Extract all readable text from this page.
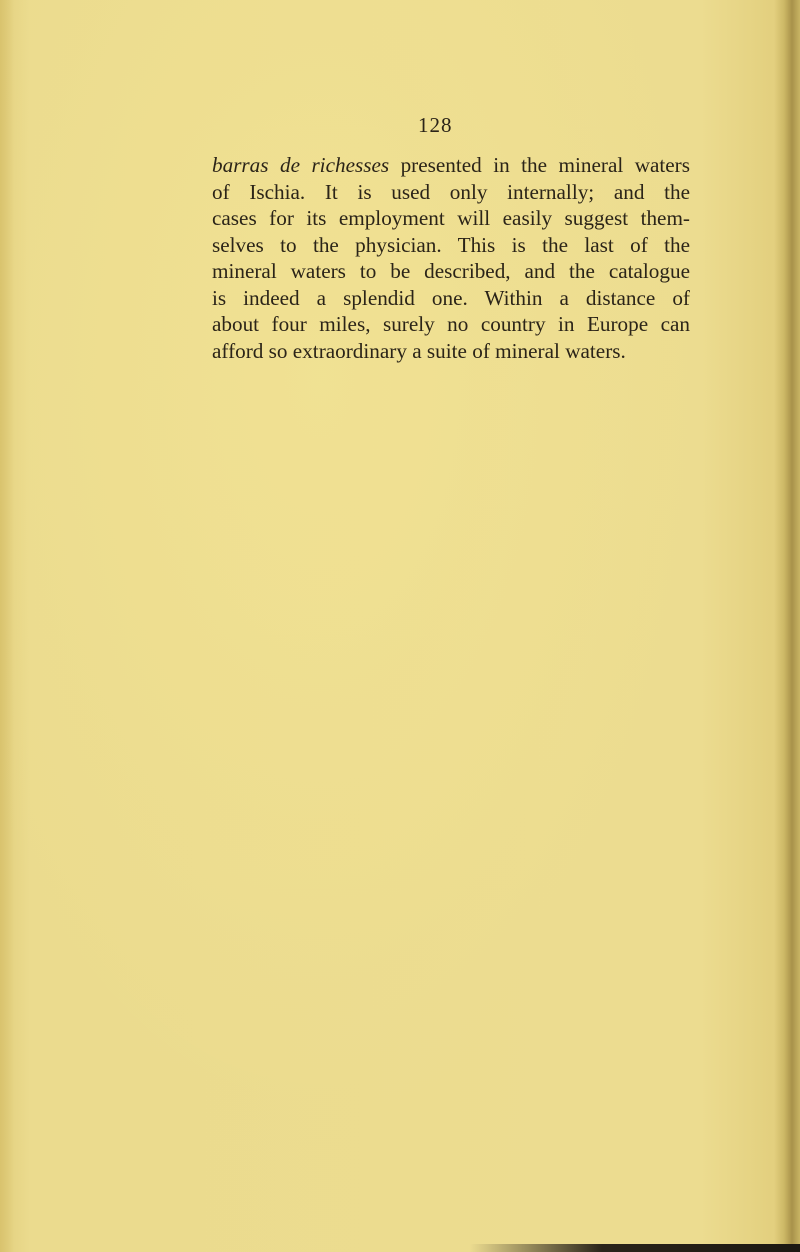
128
barras de richesses presented in the mineral waters
of Ischia. It is used only internally; and the
cases for its employment will easily suggest them-
selves to the physician. This is the last of the
mineral waters to be described, and the catalogue
is indeed a splendid one. Within a distance of
about four miles, surely no country in Europe can
afford so extraordinary a suite of mineral waters.
